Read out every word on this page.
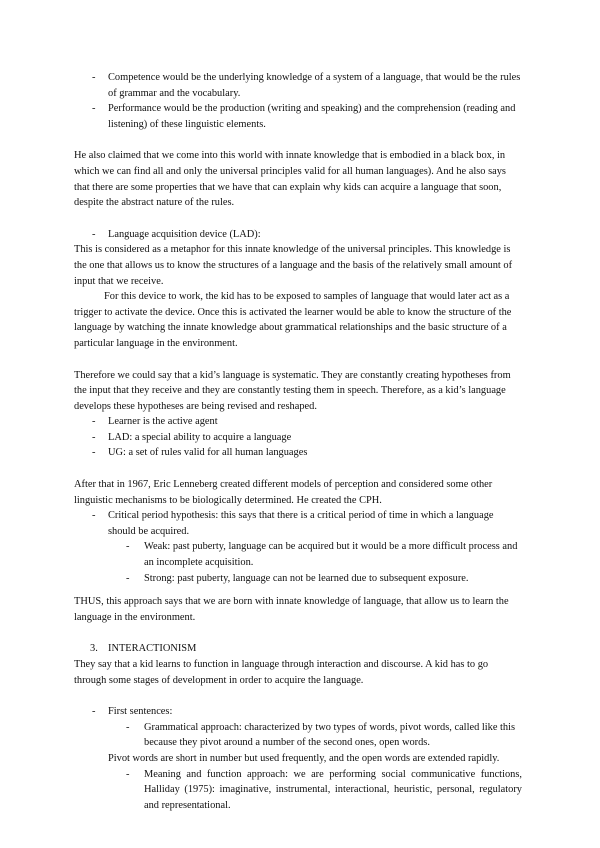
- Competence would be the underlying knowledge of a system of a language, that would be the rules of grammar and the vocabulary.

- Performance would be the production (writing and speaking) and the comprehension (reading and listening) of these linguistic elements.

He also claimed that we come into this world with innate knowledge that is embodied in a black box, in which we can find all and only the universal principles valid for all human languages). And he also says that there are some properties that we have that can explain why kids can acquire a language that soon, despite the abstract nature of the rules.

- Language acquisition device (LAD):

This is considered as a metaphor for this innate knowledge of the universal principles. This knowledge is the one that allows us to know the structures of a language and the basis of the relatively small amount of input that we receive.

For this device to work, the kid has to be exposed to samples of language that would later act as a trigger to activate the device. Once this is activated the learner would be able to know the structure of the language by watching the innate knowledge about grammatical relationships and the basic structure of a particular language in the environment.

Therefore we could say that a kid’s language is systematic. They are constantly creating hypotheses from the input that they receive and they are constantly testing them in speech. Therefore, as a kid’s language develops these hypotheses are being revised and reshaped.

- Learner is the active agent

- LAD: a special ability to acquire a language

- UG: a set of rules valid for all human languages

After that in 1967, Eric Lenneberg created different models of perception and considered some other linguistic mechanisms to be biologically determined. He created the CPH.

- Critical period hypothesis: this says that there is a critical period of time in which a language should be acquired.

- Weak: past puberty, language can be acquired but it would be a more difficult process and an incomplete acquisition.

- Strong: past puberty, language can not be learned due to subsequent exposure.

THUS, this approach says that we are born with innate knowledge of language, that allow us to learn the language in the environment.

3. INTERACTIONISM

They say that a kid learns to function in language through interaction and discourse. A kid has to go through some stages of development in order to acquire the language.

- First sentences:

- Grammatical approach: characterized by two types of words, pivot words, called like this because they pivot around a number of the second ones, open words.

Pivot words are short in number but used frequently, and the open words are extended rapidly.

- Meaning and function approach: we are performing social communicative functions, Halliday (1975): imaginative, instrumental, interactional, heuristic, personal, regulatory and representational.
